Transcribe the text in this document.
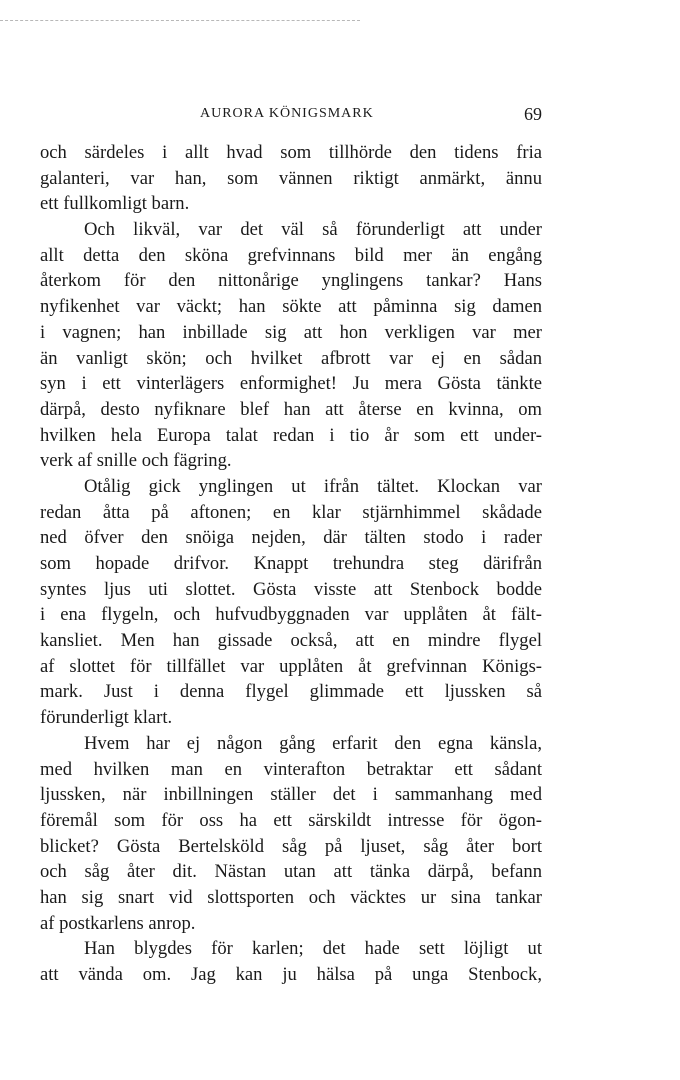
AURORA KÖNIGSMARK	69
och särdeles i allt hvad som tillhörde den tidens fria
galanteri, var han, som vännen riktigt anmärkt, ännu
ett fullkomligt barn.
Och likväl, var det väl så förunderligt att under
allt detta den sköna grefvinnans bild mer än engång
återkom för den nittonårige ynglingens tankar? Hans
nyfikenhet var väckt; han sökte att påminna sig damen
i vagnen; han inbillade sig att hon verkligen var mer
än vanligt skön; och hvilket afbrott var ej en sådan
syn i ett vinterlägers enformighet! Ju mera Gösta tänkte
därpå, desto nyfiknare blef han att återse en kvinna, om
hvilken hela Europa talat redan i tio år som ett under-
verk af snille och fägring.
Otålig gick ynglingen ut ifrån tältet. Klockan var
redan åtta på aftonen; en klar stjärnhimmel skådade
ned öfver den snöiga nejden, där tälten stodo i rader
som hopade drifvor. Knappt trehundra steg därifrån
syntes ljus uti slottet. Gösta visste att Stenbock bodde
i ena flygeln, och hufvudbyggnaden var upplåten åt fält-
kansliet. Men han gissade också, att en mindre flygel
af slottet för tillfället var upplåten åt grefvinnan Königs-
mark. Just i denna flygel glimmade ett ljussken så
förunderligt klart.
Hvem har ej någon gång erfarit den egna känsla,
med hvilken man en vinterafton betraktar ett sådant
ljussken, när inbillningen ställer det i sammanhang med
föremål som för oss ha ett särskildt intresse för ögon-
blicket? Gösta Bertelsköld såg på ljuset, såg åter bort
och såg åter dit. Nästan utan att tänka därpå, befann
han sig snart vid slottsporten och väcktes ur sina tankar
af postkarlens anrop.
Han blygdes för karlen; det hade sett löjligt ut
att vända om. Jag kan ju hälsa på unga Stenbock,
